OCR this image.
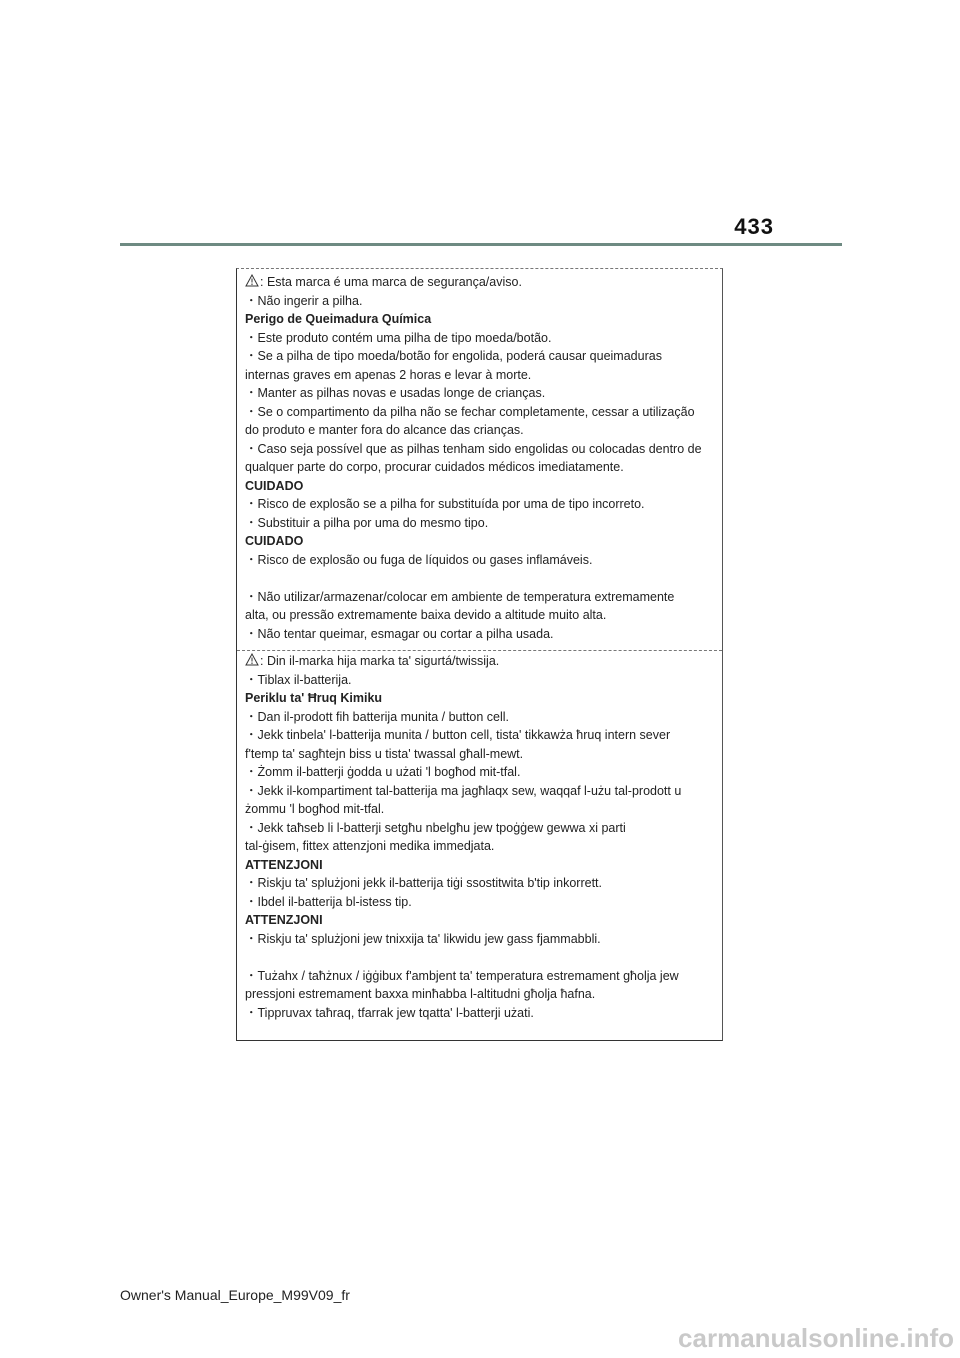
433
: Esta marca é uma marca de segurança/aviso.
・Não ingerir a pilha.
Perigo de Queimadura Química
・Este produto contém uma pilha de tipo moeda/botão.
・Se a pilha de tipo moeda/botão for engolida, poderá causar queimaduras
internas graves em apenas 2 horas e levar à morte.
・Manter as pilhas novas e usadas longe de crianças.
・Se o compartimento da pilha não se fechar completamente, cessar a utilização
do produto e manter fora do alcance das crianças.
・Caso seja possível que as pilhas tenham sido engolidas ou colocadas dentro de
qualquer parte do corpo, procurar cuidados médicos imediatamente.
CUIDADO
・Risco de explosão se a pilha for substituída por uma de tipo incorreto.
・Substituir a pilha por uma do mesmo tipo.
CUIDADO
・Risco de explosão ou fuga de líquidos ou gases inflamáveis.
・Não utilizar/armazenar/colocar em ambiente de temperatura extremamente
alta, ou pressão extremamente baixa devido a altitude muito alta.
・Não tentar queimar, esmagar ou cortar a pilha usada.
: Din il-marka hija marka ta' sigurtá/twissija.
・Tiblax il-batterija.
Periklu ta' Ħruq Kimiku
・Dan il-prodott fih batterija munita / button cell.
・Jekk tinbela' l-batterija munita / button cell, tista' tikkawża ħruq intern sever
f'temp ta' sagħtejn biss u tista' twassal għall-mewt.
・Żomm il-batterji ġodda u użati 'l bogħod mit-tfal.
・Jekk il-kompartiment tal-batterija ma jagħlaqx sew, waqqaf l-użu tal-prodott u
żommu 'l bogħod mit-tfal.
・Jekk taħseb li l-batterji setgħu nbelgħu jew tpoġġew gewwa xi parti
tal-ġisem, fittex attenzjoni medika immedjata.
ATTENZJONI
・Riskju ta' splużjoni jekk il-batterija tiġi ssostitwita b'tip inkorrett.
・Ibdel il-batterija bl-istess tip.
ATTENZJONI
・Riskju ta' splużjoni jew tnixxija ta' likwidu jew gass fjammabbli.
・Tużahx / taħżnux / iġġibux f'ambjent ta' temperatura estremament għolja jew
pressjoni estremament baxxa minħabba l-altitudni għolja ħafna.
・Tippruvax taħraq, tfarrak jew tqatta' l-batterji użati.
Owner's Manual_Europe_M99V09_fr
carmanualsonline.info
